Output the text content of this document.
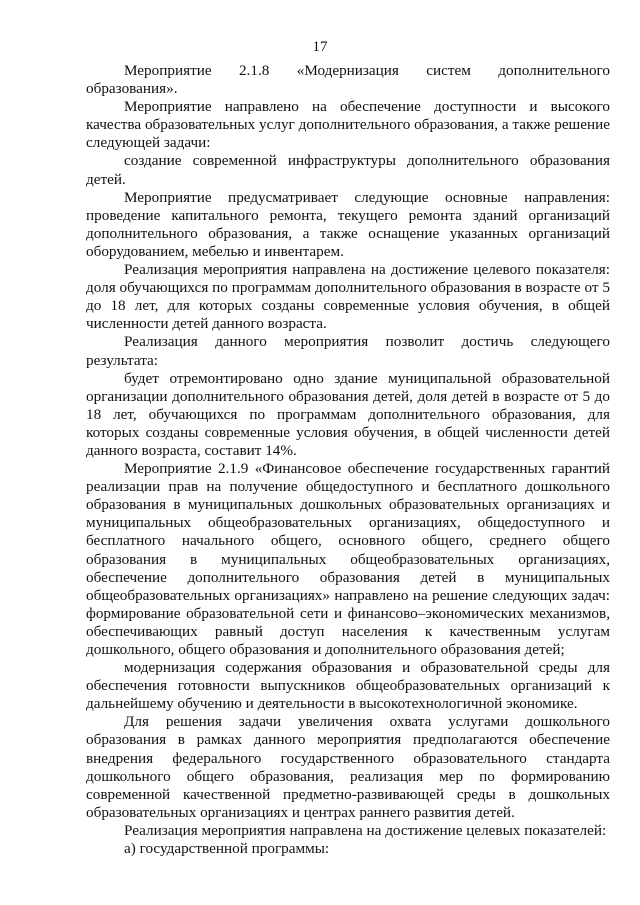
17

Мероприятие 2.1.8 «Модернизация систем дополнительного образования».

Мероприятие направлено на обеспечение доступности и высокого качества образовательных услуг дополнительного образования, а также решение следующей задачи:

создание современной инфраструктуры дополнительного образования детей.

Мероприятие предусматривает следующие основные направления: проведение капитального ремонта, текущего ремонта зданий организаций дополнительного образования, а также оснащение указанных организаций оборудованием, мебелью и инвентарем.

Реализация мероприятия направлена на достижение целевого показателя: доля обучающихся по программам дополнительного образования в возрасте от 5 до 18 лет, для которых созданы современные условия обучения, в общей численности детей данного возраста.

Реализация данного мероприятия позволит достичь следующего результата:

будет отремонтировано одно здание муниципальной образовательной организации дополнительного образования детей, доля детей в возрасте от 5 до 18 лет, обучающихся по программам дополнительного образования, для которых созданы современные условия обучения, в общей численности детей данного возраста, составит 14%.

Мероприятие 2.1.9 «Финансовое обеспечение государственных гарантий реализации прав на получение общедоступного и бесплатного дошкольного образования в муниципальных дошкольных образовательных организациях и муниципальных общеобразовательных организациях, общедоступного и бесплатного начального общего, основного общего, среднего общего образования в муниципальных общеобразовательных организациях, обеспечение дополнительного образования детей в муниципальных общеобразовательных организациях» направлено на решение следующих задач: формирование образовательной сети и финансово–экономических механизмов, обеспечивающих равный доступ населения к качественным услугам дошкольного, общего образования и дополнительного образования детей;

модернизация содержания образования и образовательной среды для обеспечения готовности выпускников общеобразовательных организаций к дальнейшему обучению и деятельности в высокотехнологичной экономике.

Для решения задачи увеличения охвата услугами дошкольного образования в рамках данного мероприятия предполагаются обеспечение внедрения федерального государственного образовательного стандарта дошкольного общего образования, реализация мер по формированию современной качественной предметно-развивающей среды в дошкольных образовательных организациях и центрах раннего развития детей.

Реализация мероприятия направлена на достижение целевых показателей:

а) государственной программы:
